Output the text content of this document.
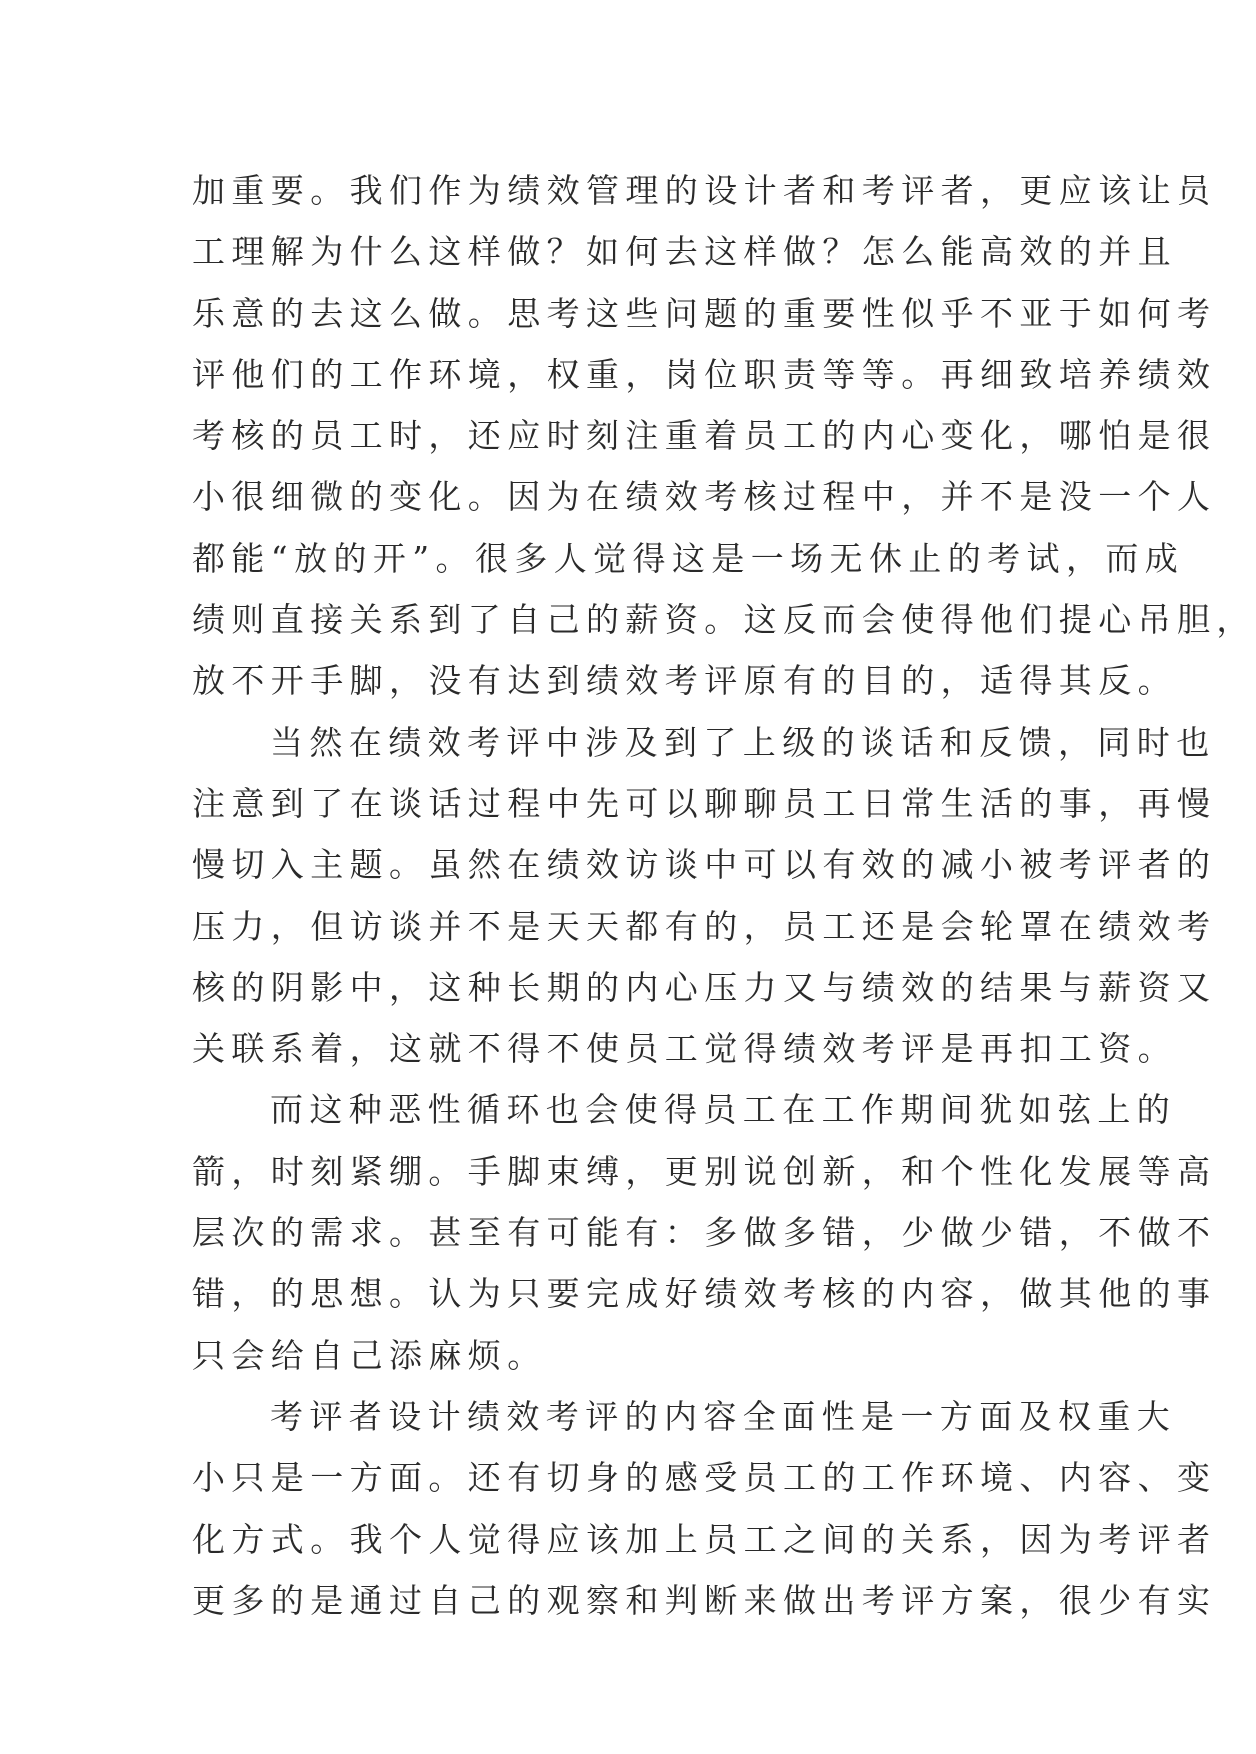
加重要。我们作为绩效管理的设计者和考评者，更应该让员
工理解为什么这样做？如何去这样做？怎么能高效的并且
乐意的去这么做。思考这些问题的重要性似乎不亚于如何考
评他们的工作环境，权重，岗位职责等等。再细致培养绩效
考核的员工时，还应时刻注重着员工的内心变化，哪怕是很
小很细微的变化。因为在绩效考核过程中，并不是没一个人
都能“放的开”。很多人觉得这是一场无休止的考试，而成
绩则直接关系到了自己的薪资。这反而会使得他们提心吊胆，
放不开手脚，没有达到绩效考评原有的目的，适得其反。
当然在绩效考评中涉及到了上级的谈话和反馈，同时也
注意到了在谈话过程中先可以聊聊员工日常生活的事，再慢
慢切入主题。虽然在绩效访谈中可以有效的减小被考评者的
压力，但访谈并不是天天都有的，员工还是会轮罩在绩效考
核的阴影中，这种长期的内心压力又与绩效的结果与薪资又
关联系着，这就不得不使员工觉得绩效考评是再扣工资。
而这种恶性循环也会使得员工在工作期间犹如弦上的
箭，时刻紧绷。手脚束缚，更别说创新，和个性化发展等高
层次的需求。甚至有可能有：多做多错，少做少错，不做不
错，的思想。认为只要完成好绩效考核的内容，做其他的事
只会给自己添麻烦。
考评者设计绩效考评的内容全面性是一方面及权重大
小只是一方面。还有切身的感受员工的工作环境、内容、变
化方式。我个人觉得应该加上员工之间的关系，因为考评者
更多的是通过自己的观察和判断来做出考评方案，很少有实
